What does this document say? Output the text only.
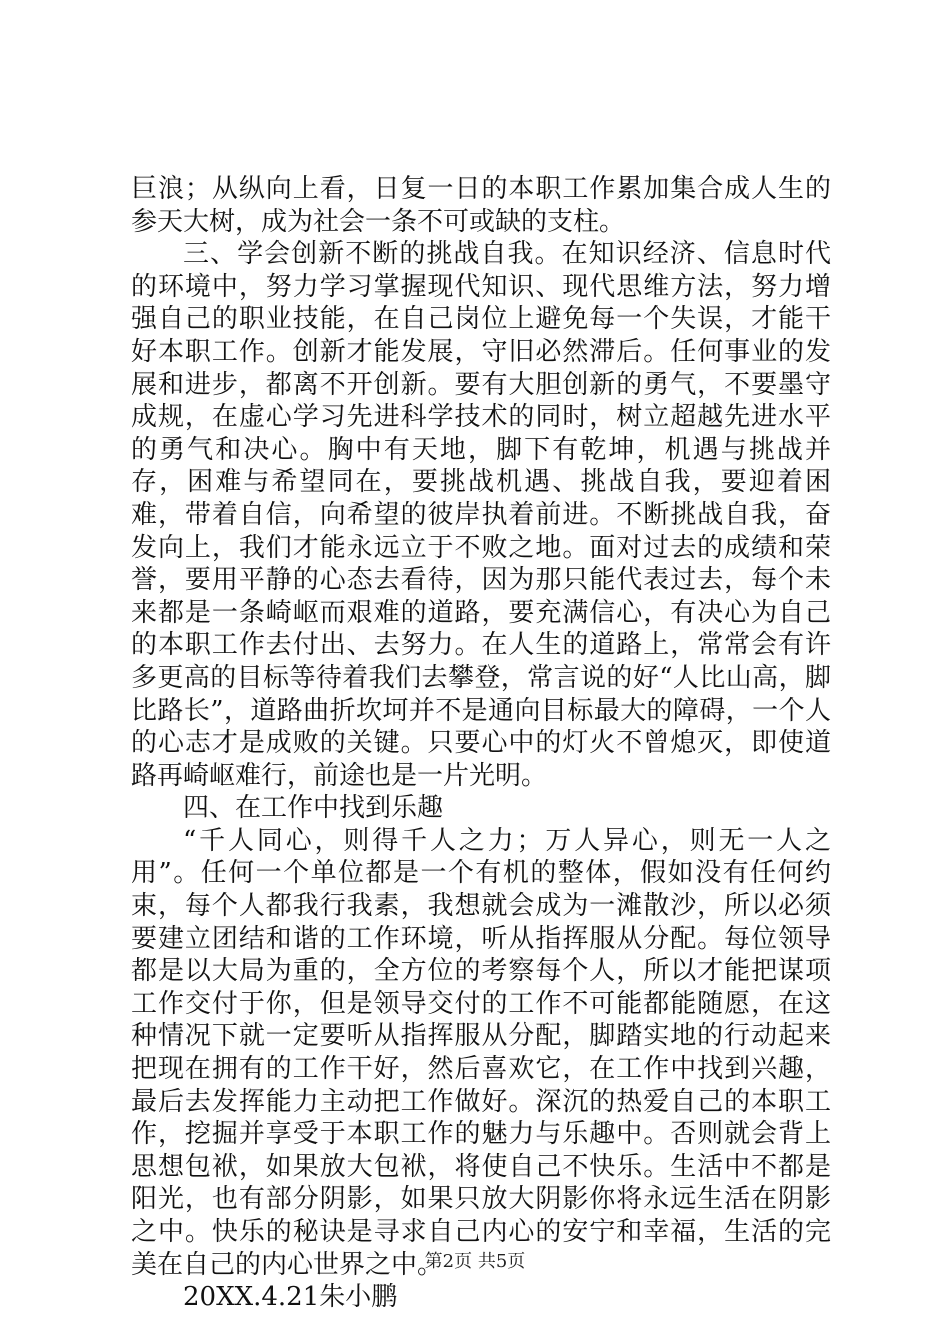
巨浪；从纵向上看，日复一日的本职工作累加集合成人生的参天大树，成为社会一条不可或缺的支柱。

三、学会创新不断的挑战自我。在知识经济、信息时代的环境中，努力学习掌握现代知识、现代思维方法，努力增强自己的职业技能，在自己岗位上避免每一个失误，才能干好本职工作。创新才能发展，守旧必然滞后。任何事业的发展和进步，都离不开创新。要有大胆创新的勇气，不要墨守成规，在虚心学习先进科学技术的同时，树立超越先进水平的勇气和决心。胸中有天地，脚下有乾坤，机遇与挑战并存，困难与希望同在，要挑战机遇、挑战自我，要迎着困难，带着自信，向希望的彼岸执着前进。不断挑战自我，奋发向上，我们才能永远立于不败之地。面对过去的成绩和荣誉，要用平静的心态去看待，因为那只能代表过去，每个未来都是一条崎岖而艰难的道路，要充满信心，有决心为自己的本职工作去付出、去努力。在人生的道路上，常常会有许多更高的目标等待着我们去攀登，常言说的好“人比山高，脚比路长”，道路曲折坎坷并不是通向目标最大的障碍，一个人的心志才是成败的关键。只要心中的灯火不曾熄灭，即使道路再崎岖难行，前途也是一片光明。

四、在工作中找到乐趣

“千人同心，则得千人之力；万人异心，则无一人之用”。任何一个单位都是一个有机的整体，假如没有任何约束，每个人都我行我素，我想就会成为一滩散沙，所以必须要建立团结和谐的工作环境，听从指挥服从分配。每位领导都是以大局为重的，全方位的考察每个人，所以才能把谋项工作交付于你，但是领导交付的工作不可能都能随愿，在这种情况下就一定要听从指挥服从分配，脚踏实地的行动起来把现在拥有的工作干好，然后喜欢它，在工作中找到兴趣，最后去发挥能力主动把工作做好。深沉的热爱自己的本职工作，挖掘并享受于本职工作的魅力与乐趣中。否则就会背上思想包袱，如果放大包袱，将使自己不快乐。生活中不都是阳光，也有部分阴影，如果只放大阴影你将永远生活在阴影之中。快乐的秘诀是寻求自己内心的安宁和幸福，生活的完美在自己的内心世界之中。

20XX.4.21朱小鹏

第2页 共5页
